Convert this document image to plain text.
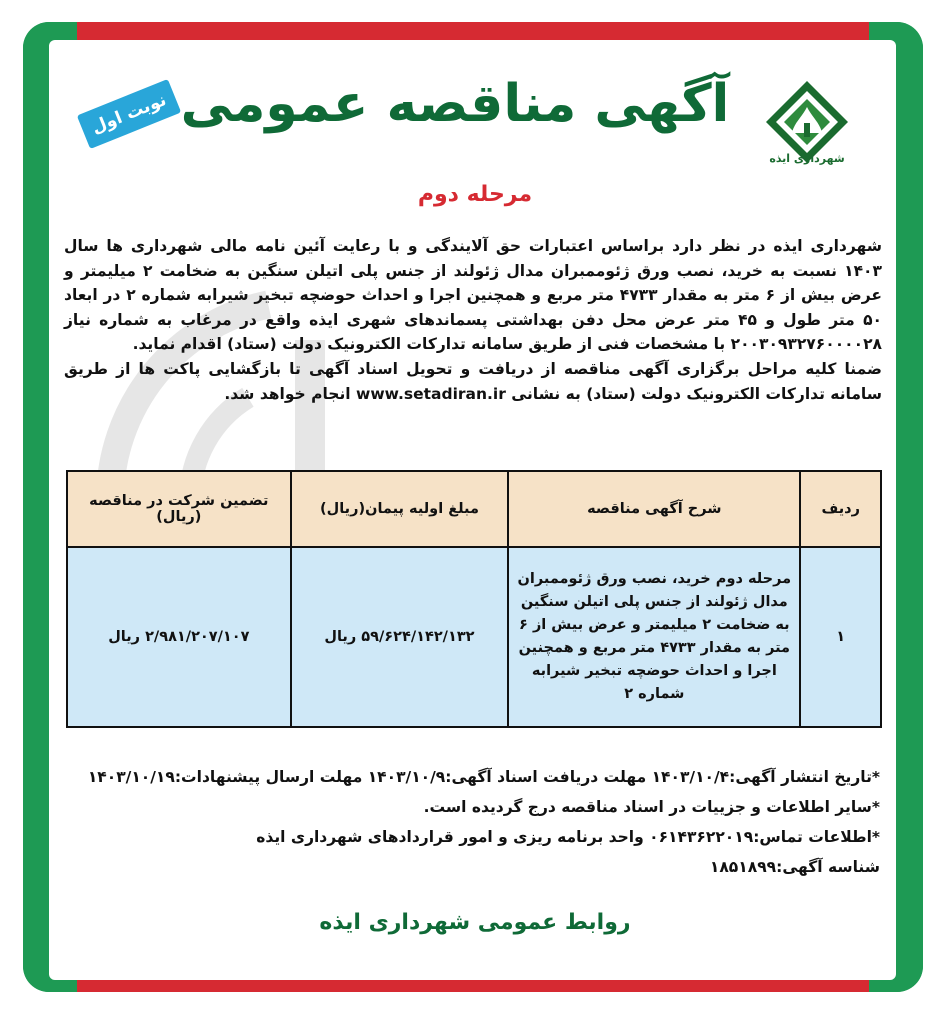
شهرداری ایذه
آگهی مناقصه عمومی
نوبت اول
مرحله دوم

شهرداری ایذه در نظر دارد براساس اعتبارات حق آلایندگی و با رعایت آئین نامه مالی شهرداری ها سال ۱۴۰۳ نسبت به خرید، نصب ورق ژئوممبران مدال ژئولند از جنس پلی اتیلن سنگین به ضخامت ۲ میلیمتر و عرض بیش از ۶ متر به مقدار ۴۷۳۳ متر مربع و همچنین اجرا و احداث حوضچه تبخیر شیرابه شماره ۲ در ابعاد ۵۰ متر طول و ۴۵ متر عرض محل دفن بهداشتی پسماندهای شهری ایذه واقع در مرغاب به شماره نیاز ۲۰۰۳۰۹۳۲۷۶۰۰۰۰۲۸ با مشخصات فنی از طریق سامانه تدارکات الکترونیک دولت (ستاد) اقدام نماید.

ضمنا کلیه مراحل برگزاری آگهی مناقصه از دریافت و تحویل اسناد آگهی تا بازگشایی پاکت ها از طریق سامانه تدارکات الکترونیک دولت (ستاد) به نشانی www.setadiran.ir انجام خواهد شد.

ردیف	شرح آگهی مناقصه	مبلغ اولیه پیمان(ریال)	تضمین شرکت در مناقصه (ریال)
۱	مرحله دوم خرید، نصب ورق ژئوممبران مدال ژئولند از جنس پلی اتیلن سنگین به ضخامت ۲ میلیمتر و عرض بیش از ۶ متر به مقدار ۴۷۳۳ متر مربع و همچنین اجرا و احداث حوضچه تبخیر شیرابه شماره ۲	۵۹/۶۲۴/۱۴۲/۱۳۲ ریال	۲/۹۸۱/۲۰۷/۱۰۷ ریال
*تاریخ انتشار آگهی:۱۴۰۳/۱۰/۴ مهلت دریافت اسناد آگهی:۱۴۰۳/۱۰/۹ مهلت ارسال پیشنهادات:۱۴۰۳/۱۰/۱۹
*سایر اطلاعات و جزییات در اسناد مناقصه درج گردیده است.
*اطلاعات تماس:۰۶۱۴۳۶۲۲۰۱۹ واحد برنامه ریزی و امور قراردادهای شهرداری ایذه
شناسه آگهی:۱۸۵۱۸۹۹
روابط عمومی شهرداری ایذه
